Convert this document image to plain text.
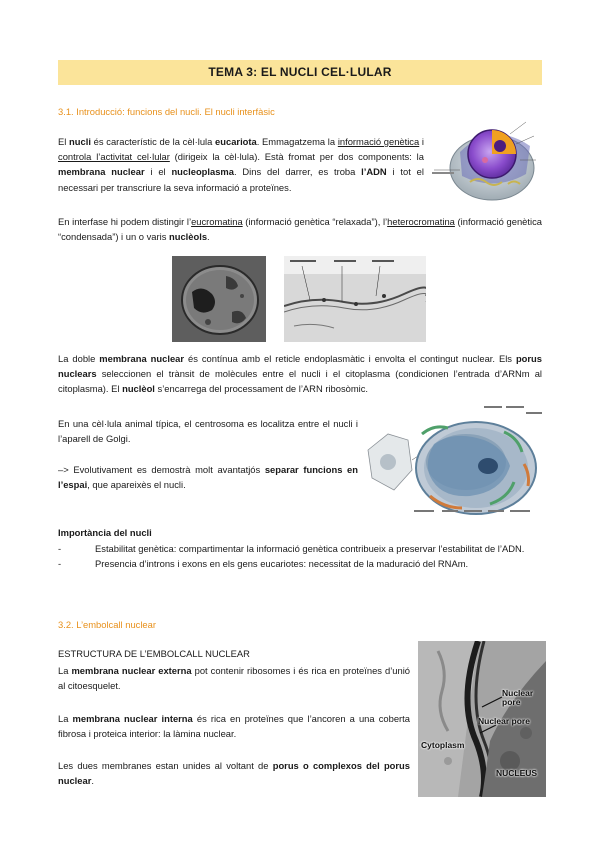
TEMA 3: EL NUCLI CEL·LULAR
3.1. Introducció: funcions del nucli. El nucli interfàsic
El nucli és característic de la cèl·lula eucariota. Emmagatzema la informació genètica i controla l’activitat cel·lular (dirigeix la cèl·lula). Està fromat per dos components: la membrana nuclear i el nucleoplasma. Dins del darrer, es troba l’ADN i tot el necessari per transcriure la seva informació a proteïnes.
En interfase hi podem distingir l’eucromatina (informació genètica “relaxada”), l’heterocromatina (informació genètica “condensada”) i un o varis nuclèols.
La doble membrana nuclear és contínua amb el reticle endoplasmàtic i envolta el contingut nuclear. Els porus nuclears seleccionen el trànsit de molècules entre el nucli i el citoplasma (condicionen l’entrada d’ARNm al citoplasma). El nuclèol s’encarrega del processament de l’ARN ribosòmic.
En una cèl·lula animal típica, el centrosoma es localitza entre el nucli i l’aparell de Golgi.
–> Evolutivament es demostrà molt avantatjós separar funcions en l’espai, que apareixès el nucli.
Importància del nucli
- Estabilitat genètica: compartimentar la informació genètica contribueix a preservar l’estabilitat de l’ADN.
- Presencia d’introns i exons en els gens eucariotes: necessitat de la maduració del RNAm.
3.2. L’embolcall nuclear
ESTRUCTURA DE L’EMBOLCALL NUCLEAR
La membrana nuclear externa pot contenir ribosomes i és rica en proteïnes d’unió al citoesquelet.
La membrana nuclear interna és rica en proteïnes que l’ancoren a una coberta fibrosa i proteica interior: la làmina nuclear.
Les dues membranes estan unides al voltant de porus o complexos del porus nuclear.
Nuclear pore
Nuclear pore
Cytoplasm
NUCLEUS
